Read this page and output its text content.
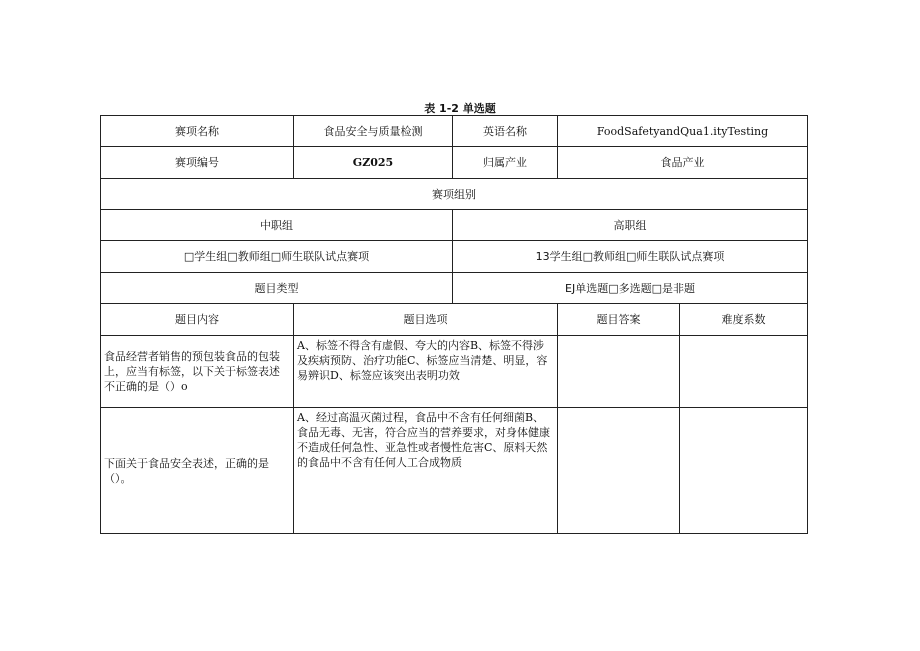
表 1-2 单选题
赛项名称	食品安全与质量检测	英语名称	FoodSafetyandQua1.ityTesting	
赛项编号	GZ025	归属产业	食品产业	
赛项组别				
中职组		高职组		
□学生组□教师组□师生联队试点赛项		13学生组□教师组□师生联队试点赛项		
题目类型		EJ单选题□多选题□是非题		
题目内容	题目选项		题目答案	难度系数
食品经营者销售的预包装食品的包装上，应当有标签，以下关于标签表述不正确的是（）o	A、标签不得含有虚假、夸大的内容B、标签不得涉及疾病预防、治疗功能C、标签应当清楚、明显，容易辨识D、标签应该突出表明功效			
下面关于食品安全表述，正确的是（）。	A、经过高温灭菌过程，食品中不含有任何细菌B、食品无毒、无害，符合应当的营养要求，对身体健康不造成任何急性、亚急性或者慢性危害C、原料天然的食品中不含有任何人工合成物质			
